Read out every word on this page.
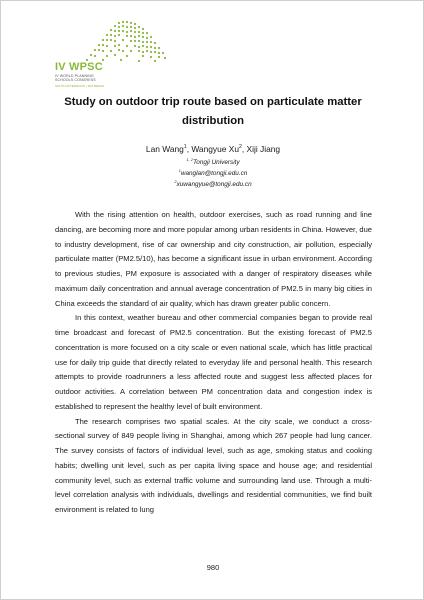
IV WPSC
IV WORLD PLANNING
SCHOOLS CONGRESS
SOUTH AFTERNOON • RIO BRASIL
Study on outdoor trip route based on particulate matter distribution
Lan Wang$^1$, Wangyue Xu$^2$, Xiji Jiang
$^{1, 2}$Tongji University
$^1$wanglan@tongji.edu.cn
$^2$xuwangyue@tongji.edu.cn

With the rising attention on health, outdoor exercises, such as road running and line dancing, are becoming more and more popular among urban residents in China. However, due to industry development, rise of car ownership and city construction, air pollution, especially particulate matter (PM2.5/10), has become a significant issue in urban environment. According to previous studies, PM exposure is associated with a danger of respiratory diseases while maximum daily concentration and annual average concentration of PM2.5 in many big cities in China exceeds the standard of air quality, which has drawn greater public concern.

In this context, weather bureau and other commercial companies began to provide real time broadcast and forecast of PM2.5 concentration. But the existing forecast of PM2.5 concentration is more focused on a city scale or even national scale, which has little practical use for daily trip guide that directly related to everyday life and personal health. This research attempts to provide roadrunners a less affected route and suggest less affected places for outdoor activities. A correlation between PM concentration data and congestion index is established to represent the healthy level of built environment.

The research comprises two spatial scales. At the city scale, we conduct a cross-sectional survey of 849 people living in Shanghai, among which 267 people had lung cancer. The survey consists of factors of individual level, such as age, smoking status and cooking habits; dwelling unit level, such as per capita living space and house age; and residential community level, such as external traffic volume and surrounding land use. Through a multi-level correlation analysis with individuals, dwellings and residential communities, we find built environment is related to lung

980
